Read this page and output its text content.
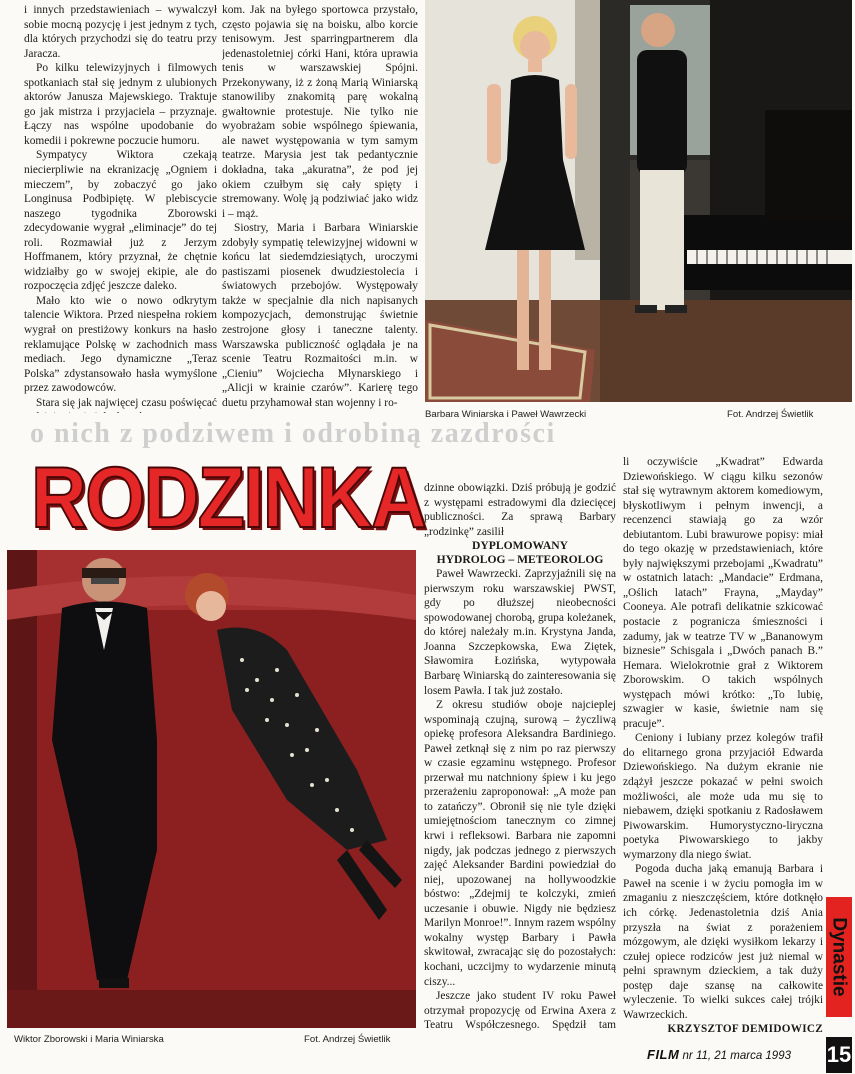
i innych przedstawieniach – wywalczył sobie mocną pozycję i jest jednym z tych, dla których przychodzi się do teatru przy Jaracza.

Po kilku telewizyjnych i filmowych spotkaniach stał się jednym z ulubionych aktorów Janusza Majewskiego. Traktuje go jak mistrza i przyjaciela – przyznaje. Łączy nas wspólne upodobanie do komedii i pokrewne poczucie humoru.

Sympatycy Wiktora czekają niecierpliwie na ekranizację „Ogniem i mieczem”, by zobaczyć go jako Longinusa Podbipiętę. W plebiscycie naszego tygodnika Zborowski zdecydowanie wygrał „eliminacje” do tej roli. Rozmawiał już z Jerzym Hoffmanem, który przyznał, że chętnie widziałby go w swojej ekipie, ale do rozpoczęcia zdjęć jeszcze daleko.

Mało kto wie o nowo odkrytym talencie Wiktora. Przed niespełna rokiem wygrał on prestiżowy konkurs na hasło reklamujące Polskę w zachodnich mass mediach. Jego dynamiczne „Teraz Polska” zdystansowało hasła wymyślone przez zawodowców.

Stara się jak najwięcej czasu poświęcać

kom. Jak na byłego sportowca przystało, często pojawia się na boisku, albo korcie tenisowym. Jest sparringpartnerem dla jedenastoletniej córki Hani, która uprawia tenis w warszawskiej Spójni. Przekonywany, iż z żoną Marią Winiarską stanowiliby znakomitą parę wokalną gwałtownie protestuje. Nie tylko nie wyobrażam sobie wspólnego śpiewania, ale nawet występowania w tym samym teatrze. Marysia jest tak pedantycznie dokładna, taka „akuratna”, że pod jej okiem czułbym się cały spięty i stremowany. Wolę ją podziwiać jako widz i – mąż.

Siostry, Maria i Barbara Winiarskie zdobyły sympatię telewizyjnej widowni w końcu lat siedemdziesiątych, uroczymi pastiszami piosenek dwudziestolecia i światowych przebojów. Występowały także w specjalnie dla nich napisanych kompozycjach, demonstrując świetnie zestrojone głosy i taneczne talenty. Warszawska publiczność oglądała je na scenie Teatru Rozmaitości m.in. w „Cieniu” Wojciecha Młynarskiego i „Alicji w krainie czarów”. Karierę tego duetu przyhamował stan wojenny i ro-

Barbara Winiarska i Paweł Wawrzecki	Fot. Andrzej Świetlik
o nich z podziwem i odrobiną zazdrości
RODZINKA
Wiktor Zborowski i Maria Winiarska	Fot. Andrzej Świetlik

dzinne obowiązki. Dziś próbują je godzić z występami estradowymi dla dziecięcej publiczności. Za sprawą Barbary „rodzinkę” zasilił

DYPLOMOWANY
HYDROLOG – METEOROLOG

Paweł Wawrzecki. Zaprzyjaźnili się na pierwszym roku warszawskiej PWST, gdy po dłuższej nieobecności spowodowanej chorobą, grupa koleżanek, do której należały m.in. Krystyna Janda, Joanna Szczepkowska, Ewa Ziętek, Sławomira Łozińska, wytypowała Barbarę Winiarską do zainteresowania się losem Pawła. I tak już zostało.

Z okresu studiów oboje najcieplej wspominają czujną, surową – życzliwą opiekę profesora Aleksandra Bardiniego. Paweł zetknął się z nim po raz pierwszy w czasie egzaminu wstępnego. Profesor przerwał mu natchniony śpiew i ku jego przerażeniu zaproponował: „A może pan to zatańczy”. Obronił się nie tyle dzięki umiejętnościom tanecznym co zimnej krwi i refleksowi. Barbara nie zapomni nigdy, jak podczas jednego z pierwszych zajęć Aleksander Bardini powiedział do niej, upozowanej na hollywoodzkie bóstwo: „Zdejmij te kolczyki, zmień uczesanie i obuwie. Nigdy nie będziesz Marilyn Monroe!”. Innym razem wspólny wokalny występ Barbary i Pawła skwitował, zwracając się do pozostałych: kochani, uczcijmy to wydarzenie minutą ciszy...

Jeszcze jako student IV roku Paweł otrzymał propozycję od Erwina Axera z Teatru Współczesnego. Spędził tam

li oczywiście „Kwadrat” Edwarda Dziewońskiego. W ciągu kilku sezonów stał się wytrawnym aktorem komediowym, błyskotliwym i pełnym inwencji, a recenzenci stawiają go za wzór debiutantom. Lubi brawurowe popisy: miał do tego okazję w przedstawieniach, które były największymi przebojami „Kwadratu” w ostatnich latach: „Mandacie” Erdmana, „Oślich latach” Frayna, „Mayday” Cooneya. Ale potrafi delikatnie szkicować postacie z pogranicza śmieszności i zadumy, jak w teatrze TV w „Bananowym biznesie” Schisgala i „Dwóch panach B.” Hemara. Wielokrotnie grał z Wiktorem Zborowskim. O takich wspólnych występach mówi krótko: „To lubię, szwagier w kasie, świetnie nam się pracuje”.

Ceniony i lubiany przez kolegów trafił do elitarnego grona przyjaciół Edwarda Dziewońskiego. Na dużym ekranie nie zdążył jeszcze pokazać w pełni swoich możliwości, ale może uda mu się to niebawem, dzięki spotkaniu z Radosławem Piwowarskim. Humorystyczno-liryczna poetyka Piwowarskiego to jakby wymarzony dla niego świat.

Pogoda ducha jaką emanują Barbara i Paweł na scenie i w życiu pomogła im w zmaganiu z nieszczęściem, które dotknęło ich córkę. Jedenastoletnia dziś Ania przyszła na świat z porażeniem mózgowym, ale dzięki wysiłkom lekarzy i czułej opiece rodziców jest już niemal w pełni sprawnym dzieckiem, a tak duży postęp daje szansę na całkowite wyleczenie. To wielki sukces całej trójki Wawrzeckich.

KRZYSZTOF DEMIDOWICZ

Dynastie
FILM nr 11, 21 marca 1993 15
